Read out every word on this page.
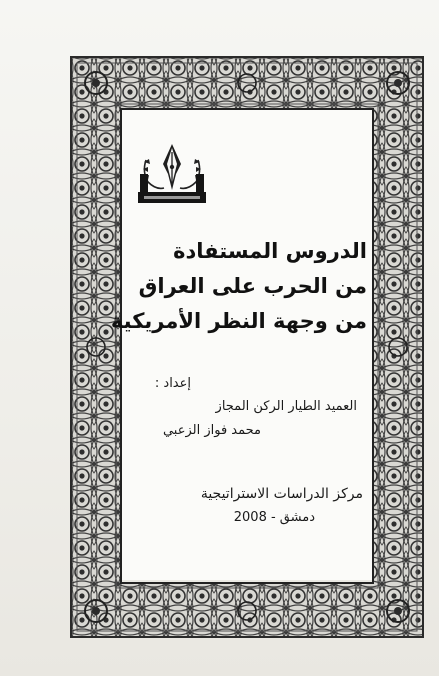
الدروس المستفادة
من الحرب على العراق
من وجهة النظر الأمريكية
إعداد :
العميد الطيار الركن المجاز
محمد فواز الزعبي
مركز الدراسات الاستراتيجية
دمشق - 2008
